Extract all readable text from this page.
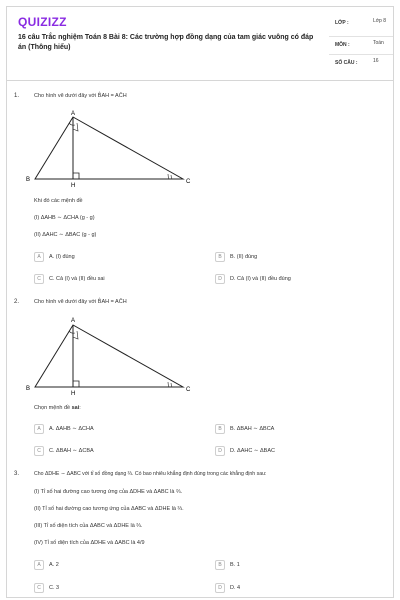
QUIZIZZ
16 câu Trắc nghiệm Toán 8 Bài 8: Các trường hợp đồng dạng của tam giác vuông có đáp án (Thông hiểu)
LỚP :	Lớp 8
MÔN :	Toán
SỐ CÂU :	16
1.	Cho hình vẽ dưới đây với B̂AH = AĈH
A
B	C
H
Khi đó các mệnh đề
(I) ΔAHB ∼ ΔCHA (g - g)
(II) ΔAHC ∼ ΔBAC (g - g)
A	A. (I) đúng	B	B. (II) đúng
C	C. Cả (I) và (II) đều sai	D	D. Cả (I) và (II) đều đúng
2.	Cho hình vẽ dưới đây với B̂AH = AĈH
A
B	C
H
Chọn mệnh đề sai:
A	A. ΔAHB ∼ ΔCHA	B	B. ΔBAH ∼ ΔBCA
C	C. ΔBAH ∼ ΔCBA	D	D. ΔAHC ∼ ΔBAC
3.	Cho ΔDHE ∼ ΔABC với tỉ số đồng dạng ⅔. Có bao nhiêu khẳng định đúng trong các khẳng định sau:
(I) Tỉ số hai đường cao tương ứng của ΔDHE và ΔABC là ⅔.
(II) Tỉ số hai đường cao tương ứng của ΔABC và ΔDHE là ⅔.
(III) Tỉ số diện tích của ΔABC và ΔDHE là ⅔.
(IV) Tỉ số diện tích của ΔDHE và ΔABC là 4/9
A	A. 2	B	B. 1
C	C. 3	D	D. 4
